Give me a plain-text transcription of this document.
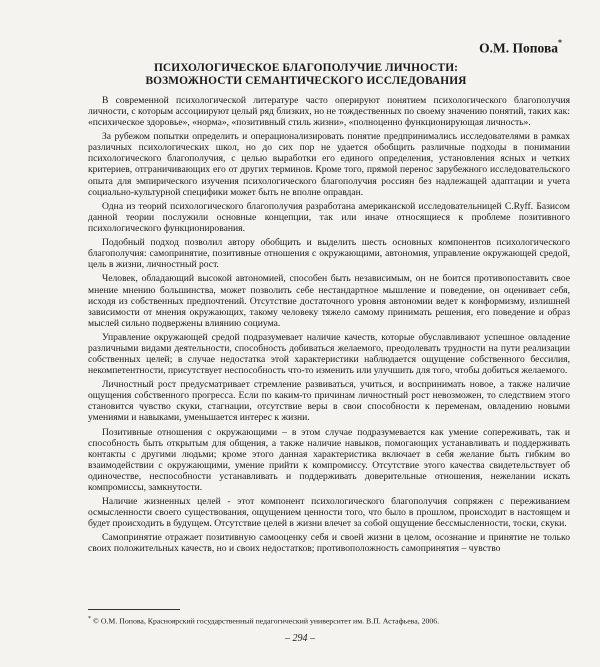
О.М. Попова*
ПСИХОЛОГИЧЕСКОЕ БЛАГОПОЛУЧИЕ ЛИЧНОСТИ:
ВОЗМОЖНОСТИ СЕМАНТИЧЕСКОГО ИССЛЕДОВАНИЯ

В современной психологической литературе часто оперируют понятием психологического благополучия личности, с которым ассоциируют целый ряд близких, но не тождественных по своему значению понятий, таких как: «психическое здоровье», «норма», «позитивный стиль жизни», «полноценно функционирующая личность».

За рубежом попытки определить и операционализировать понятие предпринимались исследователями в рамках различных психологических школ, но до сих пор не удается обобщить различные подходы в понимании психологического благополучия, с целью выработки его единого определения, установления ясных и четких критериев, отграничивающих его от других терминов. Кроме того, прямой перенос зарубежного исследовательского опыта для эмпирического изучения психологического благополучия россиян без надлежащей адаптации и учета социально-культурной специфики может быть не вполне оправдан.

Одна из теорий психологического благополучия разработана американской исследовательницей C.Ryff. Базисом данной теории послужили основные концепции, так или иначе относящиеся к проблеме позитивного психологического функционирования.

Подобный подход позволил автору обобщить и выделить шесть основных компонентов психологического благополучия: самопринятие, позитивные отношения с окружающими, автономия, управление окружающей средой, цель в жизни, личностный рост.

Человек, обладающий высокой автономией, способен быть независимым, он не боится противопоставить свое мнение мнению большинства, может позволить себе нестандартное мышление и поведение, он оценивает себя, исходя из собственных предпочтений. Отсутствие достаточного уровня автономии ведет к конформизму, излишней зависимости от мнения окружающих, такому человеку тяжело самому принимать решения, его поведение и образ мыслей сильно подвержены влиянию социума.

Управление окружающей средой подразумевает наличие качеств, которые обуславливают успешное овладение различными видами деятельности, способность добиваться желаемого, преодолевать трудности на пути реализации собственных целей; в случае недостатка этой характеристики наблюдается ощущение собственного бессилия, некомпетентности, присутствует неспособность что-то изменить или улучшить для того, чтобы добиться желаемого.

Личностный рост предусматривает стремление развиваться, учиться, и воспринимать новое, а также наличие ощущения собственного прогресса. Если по каким-то причинам личностный рост невозможен, то следствием этого становится чувство скуки, стагнации, отсутствие веры в свои способности к переменам, овладению новыми умениями и навыками, уменьшается интерес к жизни.

Позитивные отношения с окружающими – в этом случае подразумевается как умение сопереживать, так и способность быть открытым для общения, а также наличие навыков, помогающих устанавливать и поддерживать контакты с другими людьми; кроме этого данная характеристика включает в себя желание быть гибким во взаимодействии с окружающими, умение прийти к компромиссу. Отсутствие этого качества свидетельствует об одиночестве, неспособности устанавливать и поддерживать доверительные отношения, нежелании искать компромиссы, замкнутости.

Наличие жизненных целей - этот компонент психологического благополучия сопряжен с переживанием осмысленности своего существования, ощущением ценности того, что было в прошлом, происходит в настоящем и будет происходить в будущем. Отсутствие целей в жизни влечет за собой ощущение бессмысленности, тоски, скуки.

Самопринятие отражает позитивную самооценку себя и своей жизни в целом, осознание и принятие не только своих положительных качеств, но и своих недостатков; противоположность самопринятия – чувство

* © О.М. Попова, Красноярский государственный педагогический университет им. В.П. Астафьева, 2006.
– 294 –
